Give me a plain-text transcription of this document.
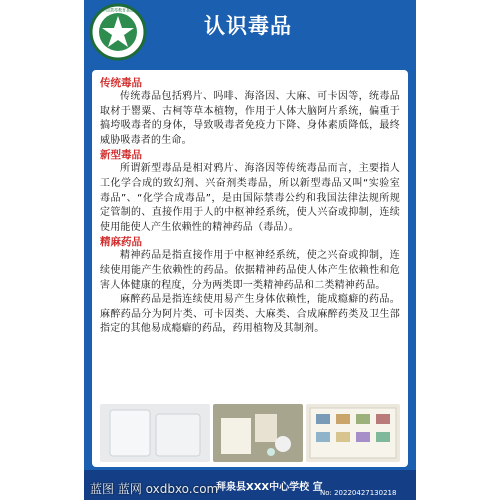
中国禁毒教育基地
认识毒品

传统毒品

传统毒品包括鸦片、吗啡、海洛因、大麻、可卡因等，统毒品取材于罂粟、古柯等草本植物，作用于人体大脑阿片系统，偏重于搞垮吸毒者的身体，导致吸毒者免疫力下降、身体素质降低，最终威胁吸毒者的生命。

新型毒品

所谓新型毒品是相对鸦片、海洛因等传统毒品而言，主要指人工化学合成的致幻剂、兴奋剂类毒品，所以新型毒品又叫“实验室毒品”、“化学合成毒品”，是由国际禁毒公约和我国法律法规所规定管制的、直接作用于人的中枢神经系统，使人兴奋或抑制，连续使用能使人产生依赖性的精神药品（毒品）。

精麻药品

精神药品是指直接作用于中枢神经系统，使之兴奋或抑制，连续使用能产生依赖性的药品。依据精神药品使人体产生依赖性和危害人体健康的程度，分为两类即一类精神药品和二类精神药品。

麻醉药品是指连续使用易产生身体依赖性，能成瘾癖的药品。麻醉药品分为阿片类、可卡因类、大麻类、合成麻醉药类及卫生部指定的其他易成瘾癖的药品，药用植物及其制剂。

拜泉县XXX中心学校 宣
No: 20220427130218
蓝图 蓝网 oxdbxo.com
